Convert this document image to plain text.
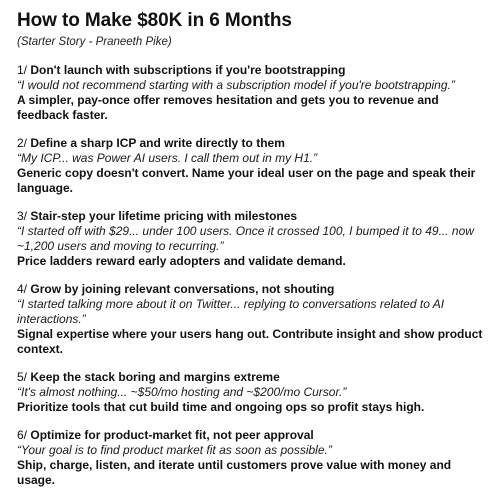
How to Make $80K in 6 Months
(Starter Story - Praneeth Pike)
1/ Don't launch with subscriptions if you're bootstrapping
“I would not recommend starting with a subscription model if you're bootstrapping.”
A simpler, pay-once offer removes hesitation and gets you to revenue and feedback faster.
2/ Define a sharp ICP and write directly to them
“My ICP... was Power AI users. I call them out in my H1.”
Generic copy doesn't convert. Name your ideal user on the page and speak their language.
3/ Stair-step your lifetime pricing with milestones
“I started off with $29... under 100 users. Once it crossed 100, I bumped it to 49... now ~1,200 users and moving to recurring.”
Price ladders reward early adopters and validate demand.
4/ Grow by joining relevant conversations, not shouting
“I started talking more about it on Twitter... replying to conversations related to AI interactions.”
Signal expertise where your users hang out. Contribute insight and show product context.
5/ Keep the stack boring and margins extreme
“It's almost nothing... ~$50/mo hosting and ~$200/mo Cursor.”
Prioritize tools that cut build time and ongoing ops so profit stays high.
6/ Optimize for product-market fit, not peer approval
“Your goal is to find product market fit as soon as possible.”
Ship, charge, listen, and iterate until customers prove value with money and usage.
